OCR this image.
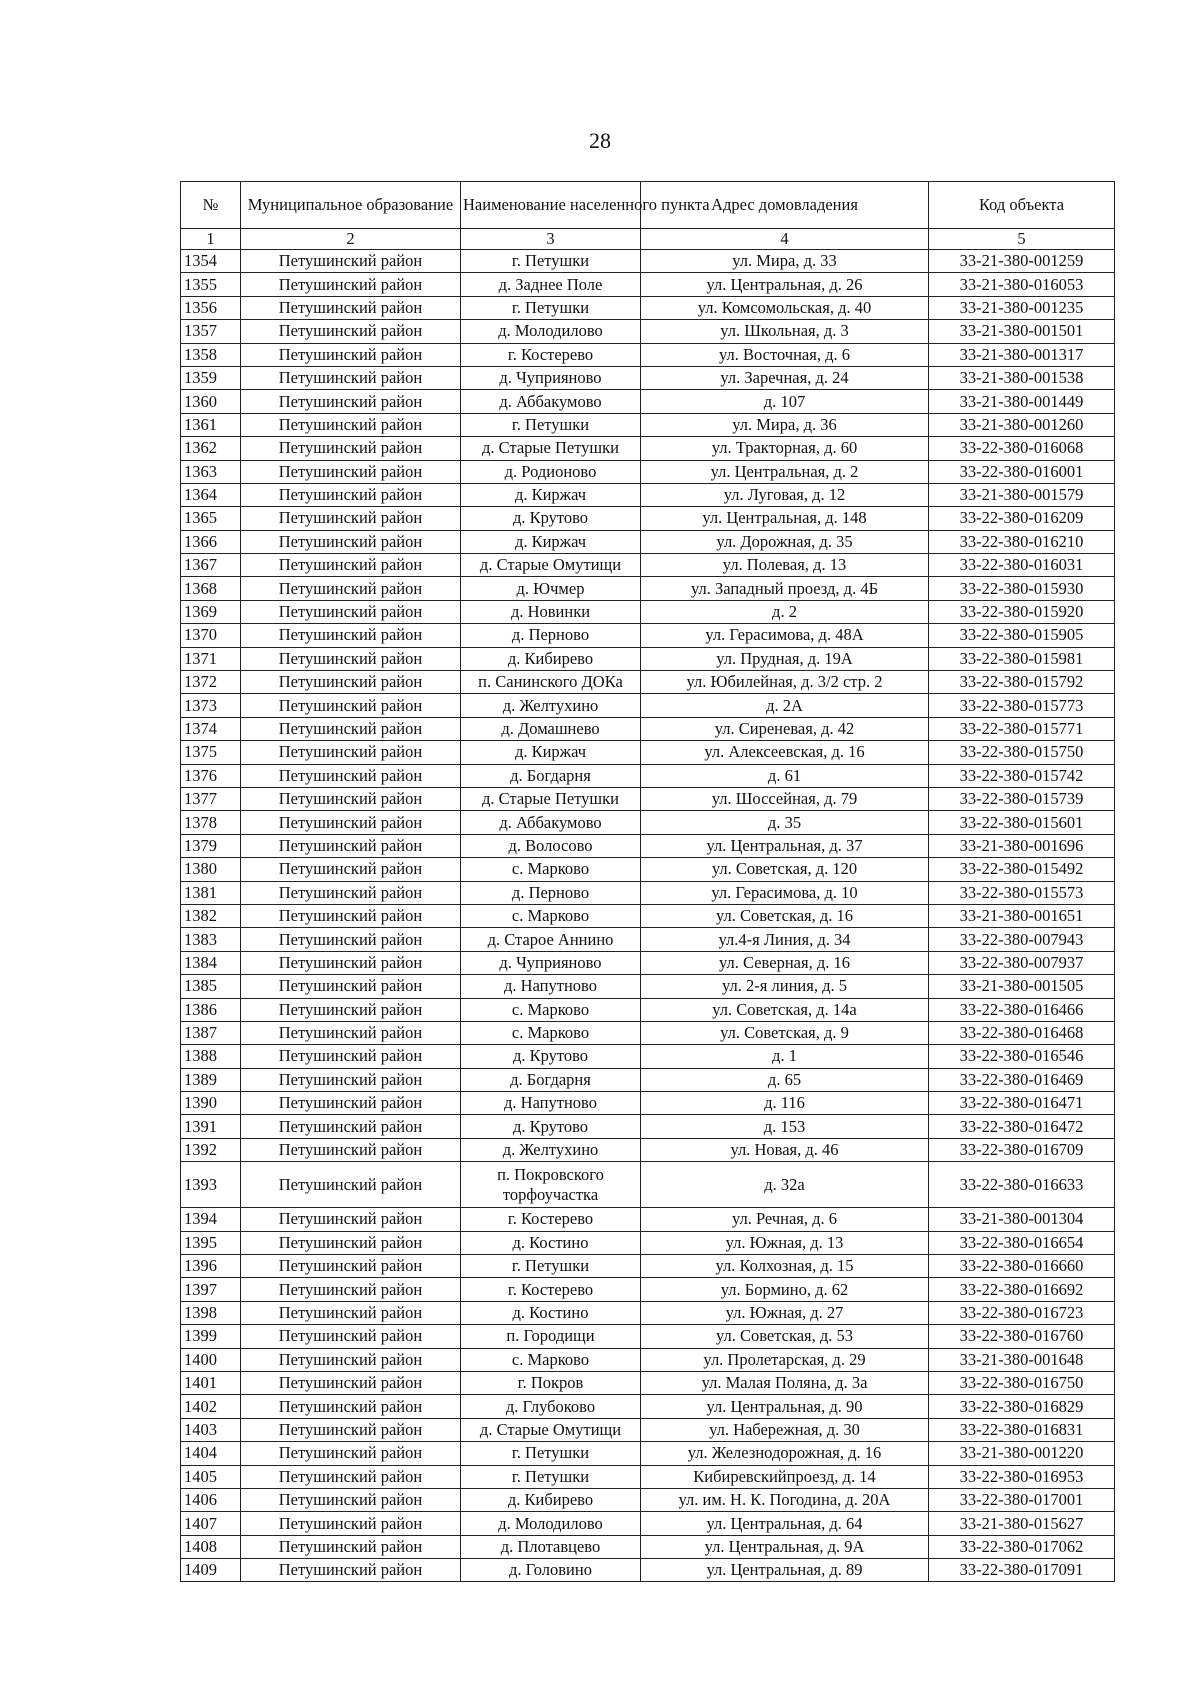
28
№	Муниципальное образование	Наименование населенного пункта	Адрес домовладения	Код объекта
1	2	3	4	5
1354	Петушинский район	г. Петушки	ул. Мира, д. 33	33-21-380-001259
1355	Петушинский район	д. Заднее Поле	ул. Центральная, д. 26	33-21-380-016053
1356	Петушинский район	г. Петушки	ул. Комсомольская, д. 40	33-21-380-001235
1357	Петушинский район	д. Молодилово	ул. Школьная, д. 3	33-21-380-001501
1358	Петушинский район	г. Костерево	ул. Восточная, д. 6	33-21-380-001317
1359	Петушинский район	д. Чуприяново	ул. Заречная, д. 24	33-21-380-001538
1360	Петушинский район	д. Аббакумово	д. 107	33-21-380-001449
1361	Петушинский район	г. Петушки	ул. Мира, д. 36	33-21-380-001260
1362	Петушинский район	д. Старые Петушки	ул. Тракторная, д. 60	33-22-380-016068
1363	Петушинский район	д. Родионово	ул. Центральная, д. 2	33-22-380-016001
1364	Петушинский район	д. Киржач	ул. Луговая, д. 12	33-21-380-001579
1365	Петушинский район	д. Крутово	ул. Центральная, д. 148	33-22-380-016209
1366	Петушинский район	д. Киржач	ул. Дорожная, д. 35	33-22-380-016210
1367	Петушинский район	д. Старые Омутищи	ул. Полевая, д. 13	33-22-380-016031
1368	Петушинский район	д. Ючмер	ул. Западный проезд, д. 4Б	33-22-380-015930
1369	Петушинский район	д. Новинки	д. 2	33-22-380-015920
1370	Петушинский район	д. Перново	ул. Герасимова, д. 48А	33-22-380-015905
1371	Петушинский район	д. Кибирево	ул. Прудная, д. 19А	33-22-380-015981
1372	Петушинский район	п. Санинского ДОКа	ул. Юбилейная, д. 3/2 стр. 2	33-22-380-015792
1373	Петушинский район	д. Желтухино	д. 2А	33-22-380-015773
1374	Петушинский район	д. Домашнево	ул. Сиреневая, д. 42	33-22-380-015771
1375	Петушинский район	д. Киржач	ул. Алексеевская, д. 16	33-22-380-015750
1376	Петушинский район	д. Богдарня	д. 61	33-22-380-015742
1377	Петушинский район	д. Старые Петушки	ул. Шоссейная, д. 79	33-22-380-015739
1378	Петушинский район	д. Аббакумово	д. 35	33-22-380-015601
1379	Петушинский район	д. Волосово	ул. Центральная, д. 37	33-21-380-001696
1380	Петушинский район	с. Марково	ул. Советская, д. 120	33-22-380-015492
1381	Петушинский район	д. Перново	ул. Герасимова, д. 10	33-22-380-015573
1382	Петушинский район	с. Марково	ул. Советская, д. 16	33-21-380-001651
1383	Петушинский район	д. Старое Аннино	ул.4-я Линия, д. 34	33-22-380-007943
1384	Петушинский район	д. Чуприяново	ул. Северная, д. 16	33-22-380-007937
1385	Петушинский район	д. Напутново	ул. 2-я линия, д. 5	33-21-380-001505
1386	Петушинский район	с. Марково	ул. Советская, д. 14а	33-22-380-016466
1387	Петушинский район	с. Марково	ул. Советская, д. 9	33-22-380-016468
1388	Петушинский район	д. Крутово	д. 1	33-22-380-016546
1389	Петушинский район	д. Богдарня	д. 65	33-22-380-016469
1390	Петушинский район	д. Напутново	д. 116	33-22-380-016471
1391	Петушинский район	д. Крутово	д. 153	33-22-380-016472
1392	Петушинский район	д. Желтухино	ул. Новая, д. 46	33-22-380-016709
1393	Петушинский район	п. Покровского торфоучастка	д. 32а	33-22-380-016633
1394	Петушинский район	г. Костерево	ул. Речная, д. 6	33-21-380-001304
1395	Петушинский район	д. Костино	ул. Южная, д. 13	33-22-380-016654
1396	Петушинский район	г. Петушки	ул. Колхозная, д. 15	33-22-380-016660
1397	Петушинский район	г. Костерево	ул. Бормино, д. 62	33-22-380-016692
1398	Петушинский район	д. Костино	ул. Южная, д. 27	33-22-380-016723
1399	Петушинский район	п. Городищи	ул. Советская, д. 53	33-22-380-016760
1400	Петушинский район	с. Марково	ул. Пролетарская, д. 29	33-21-380-001648
1401	Петушинский район	г. Покров	ул. Малая Поляна, д. 3а	33-22-380-016750
1402	Петушинский район	д. Глубоково	ул. Центральная, д. 90	33-22-380-016829
1403	Петушинский район	д. Старые Омутищи	ул. Набережная, д. 30	33-22-380-016831
1404	Петушинский район	г. Петушки	ул. Железнодорожная, д. 16	33-21-380-001220
1405	Петушинский район	г. Петушки	Кибиревскийпроезд, д. 14	33-22-380-016953
1406	Петушинский район	д. Кибирево	ул. им. Н. К. Погодина, д. 20А	33-22-380-017001
1407	Петушинский район	д. Молодилово	ул. Центральная, д. 64	33-21-380-015627
1408	Петушинский район	д. Плотавцево	ул. Центральная, д. 9А	33-22-380-017062
1409	Петушинский район	д. Головино	ул. Центральная, д. 89	33-22-380-017091
